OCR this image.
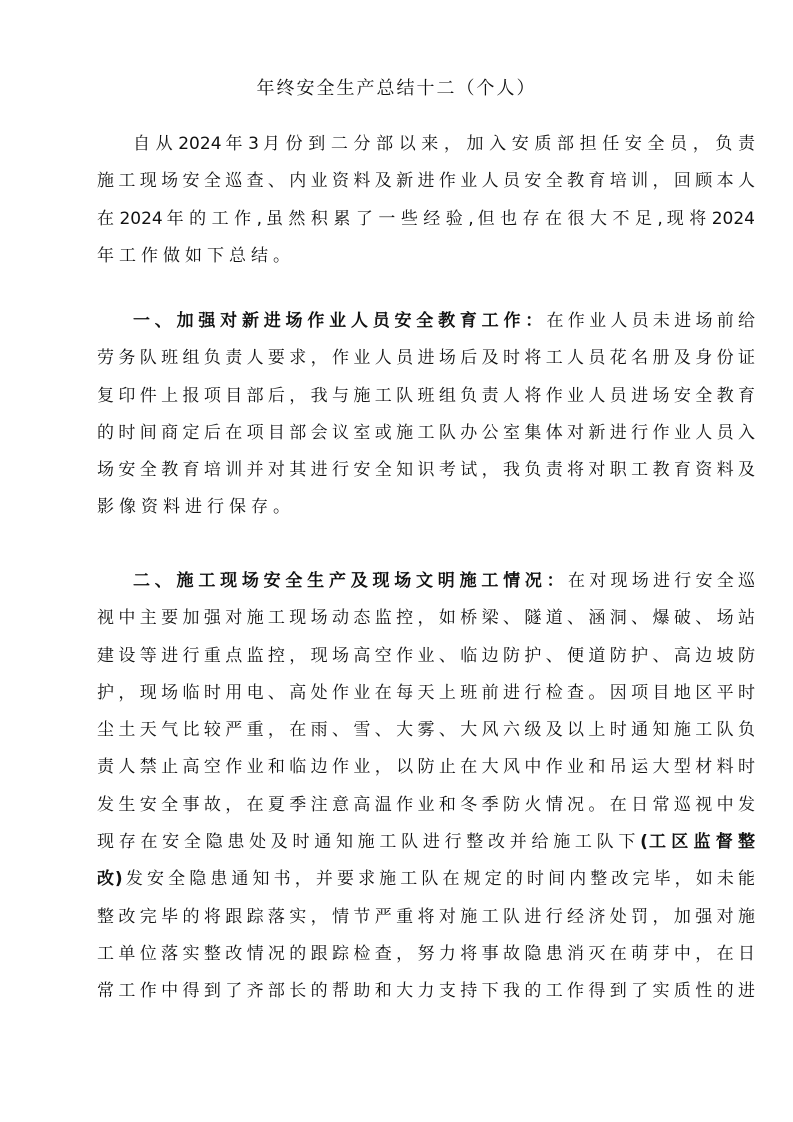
年终安全生产总结十二（个人）
自 从 2024 年 3 月 份 到 二 分 部 以 来 ， 加 入 安 质 部 担 任 安 全 员 ， 负 责
施 工 现 场 安 全 巡 查 、 内 业 资 料 及 新 进 作 业 人 员 安 全 教 育 培 训 ， 回 顾 本 人
在 2024 年 的 工 作 , 虽 然 积 累 了 一 些 经 验 , 但 也 存 在 很 大 不 足 , 现 将 2024
年工作做如下总结。
一 、 加 强 对 新 进 场 作 业 人 员 安 全 教 育 工 作 ： 在 作 业 人 员 未 进 场 前 给
劳 务 队 班 组 负 责 人 要 求 ， 作 业 人 员 进 场 后 及 时 将 工 人 员 花 名 册 及 身 份 证
复 印 件 上 报 项 目 部 后 ， 我 与 施 工 队 班 组 负 责 人 将 作 业 人 员 进 场 安 全 教 育
的 时 间 商 定 后 在 项 目 部 会 议 室 或 施 工 队 办 公 室 集 体 对 新 进 行 作 业 人 员 入
场 安 全 教 育 培 训 并 对 其 进 行 安 全 知 识 考 试 ， 我 负 责 将 对 职 工 教 育 资 料 及
影像资料进行保存。
二 、 施 工 现 场 安 全 生 产 及 现 场 文 明 施 工 情 况 ： 在 对 现 场 进 行 安 全 巡
视 中 主 要 加 强 对 施 工 现 场 动 态 监 控 ， 如 桥 梁 、 隧 道 、 涵 洞 、 爆 破 、 场 站
建 设 等 进 行 重 点 监 控 ， 现 场 高 空 作 业 、 临 边 防 护 、 便 道 防 护 、 高 边 坡 防
护 ， 现 场 临 时 用 电 、 高 处 作 业 在 每 天 上 班 前 进 行 检 查 。 因 项 目 地 区 平 时
尘 土 天 气 比 较 严 重 ， 在 雨 、 雪 、 大 雾 、 大 风 六 级 及 以 上 时 通 知 施 工 队 负
责 人 禁 止 高 空 作 业 和 临 边 作 业 ， 以 防 止 在 大 风 中 作 业 和 吊 运 大 型 材 料 时
发 生 安 全 事 故 ， 在 夏 季 注 意 高 温 作 业 和 冬 季 防 火 情 况 。 在 日 常 巡 视 中 发
现 存 在 安 全 隐 患 处 及 时 通 知 施 工 队 进 行 整 改 并 给 施 工 队 下 (工 区 监 督 整
改) 发 安 全 隐 患 通 知 书 ， 并 要 求 施 工 队 在 规 定 的 时 间 内 整 改 完 毕 ， 如 未 能
整 改 完 毕 的 将 跟 踪 落 实 ， 情 节 严 重 将 对 施 工 队 进 行 经 济 处 罚 ， 加 强 对 施
工 单 位 落 实 整 改 情 况 的 跟 踪 检 查 ， 努 力 将 事 故 隐 患 消 灭 在 萌 芽 中 ， 在 日
常 工 作 中 得 到 了 齐 部 长 的 帮 助 和 大 力 支 持 下 我 的 工 作 得 到 了 实 质 性 的 进
